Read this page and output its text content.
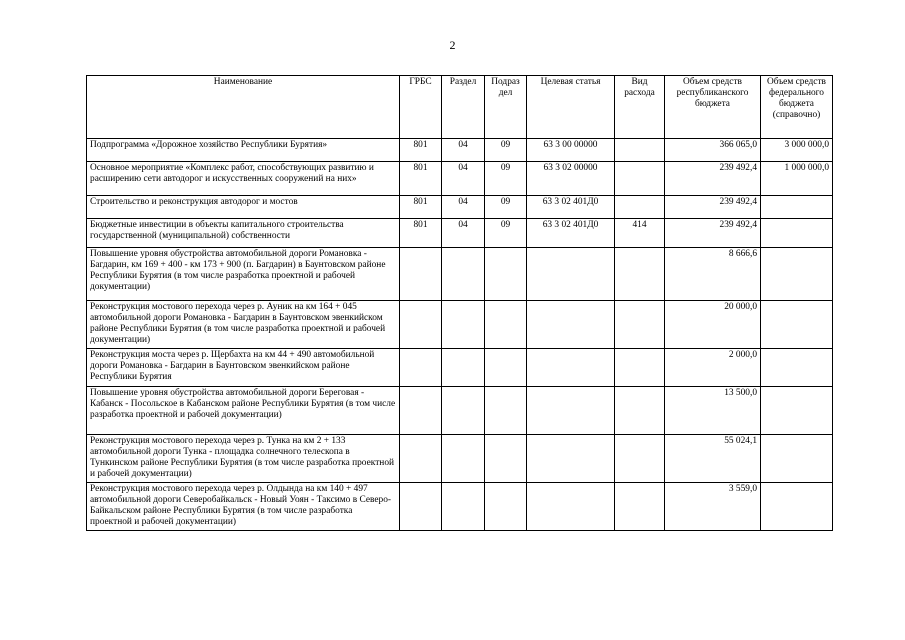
2
Наименование	ГРБС	Раздел	Подраз дел	Целевая статья	Вид расхода	Объем средств республиканского бюджета	Объем средств федерального бюджета (справочно)
Подпрограмма «Дорожное хозяйство Республики Бурятия»	801	04	09	63 3 00 00000		366 065,0	3 000 000,0
Основное мероприятие «Комплекс работ, способствующих развитию и расширению сети автодорог и искусственных сооружений на них»	801	04	09	63 3 02 00000		239 492,4	1 000 000,0
Строительство и реконструкция автодорог и мостов	801	04	09	63 3 02 401Д0		239 492,4	
Бюджетные инвестиции в объекты капитального строительства государственной (муниципальной) собственности	801	04	09	63 3 02 401Д0	414	239 492,4	
Повышение уровня обустройства автомобильной дороги Романовка - Багдарин, км 169 + 400 - км 173 + 900 (п. Багдарин) в Баунтовском районе Республики Бурятия (в том числе разработка проектной и рабочей документации)						8 666,6	
Реконструкция мостового перехода через р. Ауник на км 164 + 045 автомобильной дороги Романовка - Багдарин в Баунтовском эвенкийском районе Республики Бурятия (в том числе разработка проектной и рабочей документации)						20 000,0	
Реконструкция моста через р. Щербахта на км 44 + 490 автомобильной дороги Романовка - Багдарин в Баунтовском эвенкийском районе Республики Бурятия						2 000,0	
Повышение уровня обустройства автомобильной дороги Береговая - Кабанск - Посольское в Кабанском районе Республики Бурятия (в том числе разработка проектной и рабочей документации)						13 500,0	
Реконструкция мостового перехода через р. Тунка на км 2 + 133 автомобильной дороги Тунка - площадка солнечного телескопа в Тункинском районе Республики Бурятия (в том числе разработка проектной и рабочей документации)						55 024,1	
Реконструкция мостового перехода через р. Олдында на км 140 + 497 автомобильной дороги Северобайкальск - Новый Уоян - Таксимо в Северо-Байкальском районе Республики Бурятия (в том числе разработка проектной и рабочей документации)						3 559,0	
